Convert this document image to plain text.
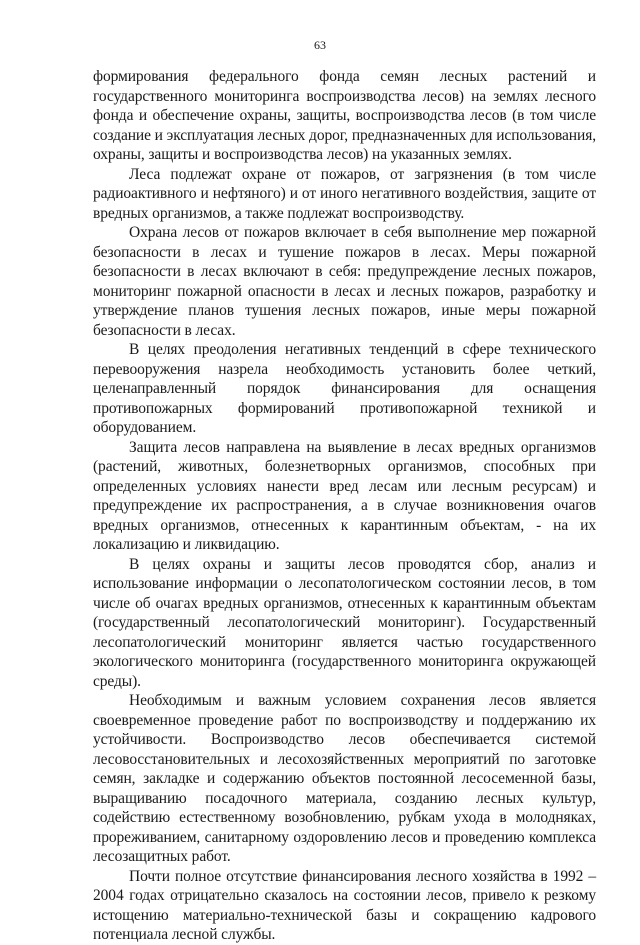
63

формирования федерального фонда семян лесных растений и государственного мониторинга воспроизводства лесов) на землях лесного фонда и обеспечение охраны, защиты, воспроизводства лесов (в том числе создание и эксплуатация лесных дорог, предназначенных для использования, охраны, защиты и воспроизводства лесов) на указанных землях.

Леса подлежат охране от пожаров, от загрязнения (в том числе радиоактивного и нефтяного) и от иного негативного воздействия, защите от вредных организмов, а также подлежат воспроизводству.

Охрана лесов от пожаров включает в себя выполнение мер пожарной безопасности в лесах и тушение пожаров в лесах. Меры пожарной безопасности в лесах включают в себя: предупреждение лесных пожаров, мониторинг пожарной опасности в лесах и лесных пожаров, разработку и утверждение планов тушения лесных пожаров, иные меры пожарной безопасности в лесах.

В целях преодоления негативных тенденций в сфере технического перевооружения назрела необходимость установить более четкий, целенаправленный порядок финансирования для оснащения противопожарных формирований противопожарной техникой и оборудованием.

Защита лесов направлена на выявление в лесах вредных организмов (растений, животных, болезнетворных организмов, способных при определенных условиях нанести вред лесам или лесным ресурсам) и предупреждение их распространения, а в случае возникновения очагов вредных организмов, отнесенных к карантинным объектам, - на их локализацию и ликвидацию.

В целях охраны и защиты лесов проводятся сбор, анализ и использование информации о лесопатологическом состоянии лесов, в том числе об очагах вредных организмов, отнесенных к карантинным объектам (государственный лесопатологический мониторинг). Государственный лесопатологический мониторинг является частью государственного экологического мониторинга (государственного мониторинга окружающей среды).

Необходимым и важным условием сохранения лесов является своевременное проведение работ по воспроизводству и поддержанию их устойчивости. Воспроизводство лесов обеспечивается системой лесовосстановительных и лесохозяйственных мероприятий по заготовке семян, закладке и содержанию объектов постоянной лесосеменной базы, выращиванию посадочного материала, созданию лесных культур, содействию естественному возобновлению, рубкам ухода в молодняках, прореживанием, санитарному оздоровлению лесов и проведению комплекса лесозащитных работ.

Почти полное отсутствие финансирования лесного хозяйства в 1992 – 2004 годах отрицательно сказалось на состоянии лесов, привело к резкому истощению материально-технической базы и сокращению кадрового потенциала лесной службы.
